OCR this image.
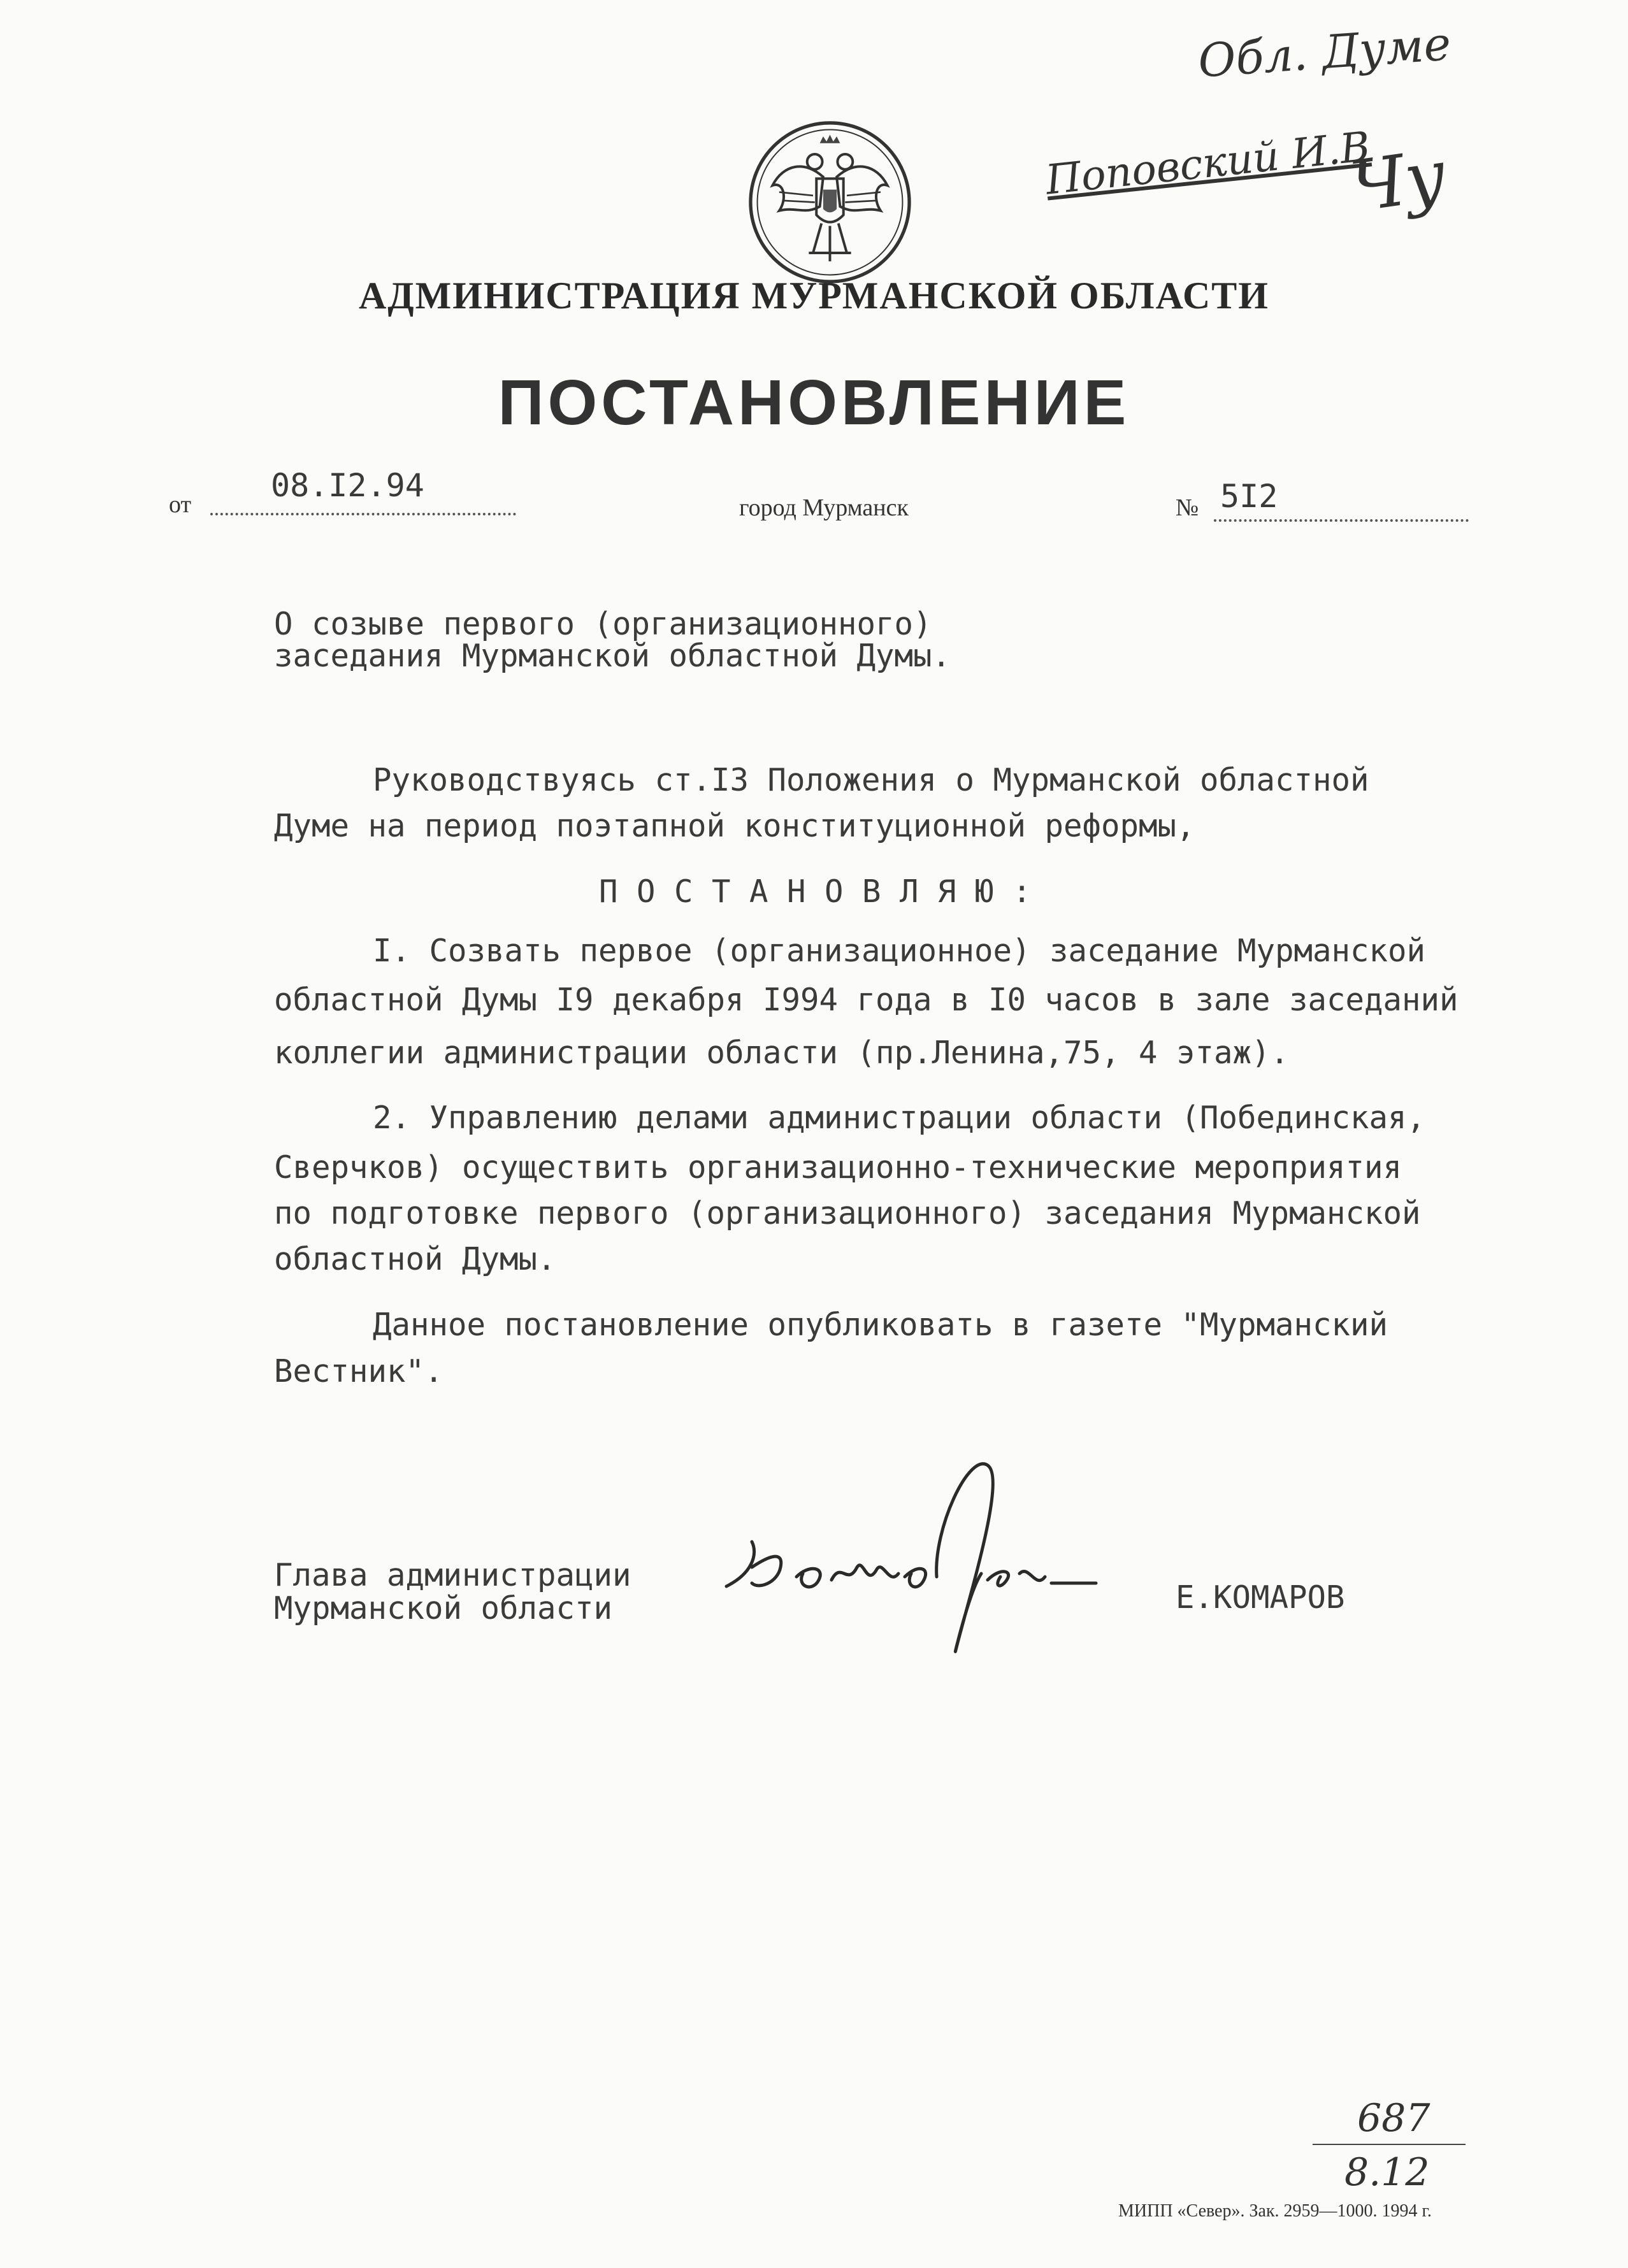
Обл. Думе
Поповский И.В
Чу
АДМИНИСТРАЦИЯ МУРМАНСКОЙ ОБЛАСТИ
ПОСТАНОВЛЕНИЕ
от
08.I2.94
город Мурманск	№ 5I2
О созыве первого (организационного)
заседания Мурманской областной Думы.
Руководствуясь ст.I3 Положения о Мурманской областной
Думе на период поэтапной конституционной реформы,
П О С Т А Н О В Л Я Ю :
I. Созвать первое (организационное) заседание Мурманской
областной Думы I9 декабря I994 года в I0 часов в зале заседаний
коллегии администрации области (пр.Ленина,75, 4 этаж).
2. Управлению делами администрации области (Побединская,
Сверчков) осуществить организационно-технические мероприятия
по подготовке первого (организационного) заседания Мурманской
областной Думы.
Данное постановление опубликовать в газете "Мурманский
Вестник".
Глава администрации
Мурманской области	Е.КОМАРОВ
687
8.12
МИПП «Север». Зак. 2959—1000. 1994 г.
